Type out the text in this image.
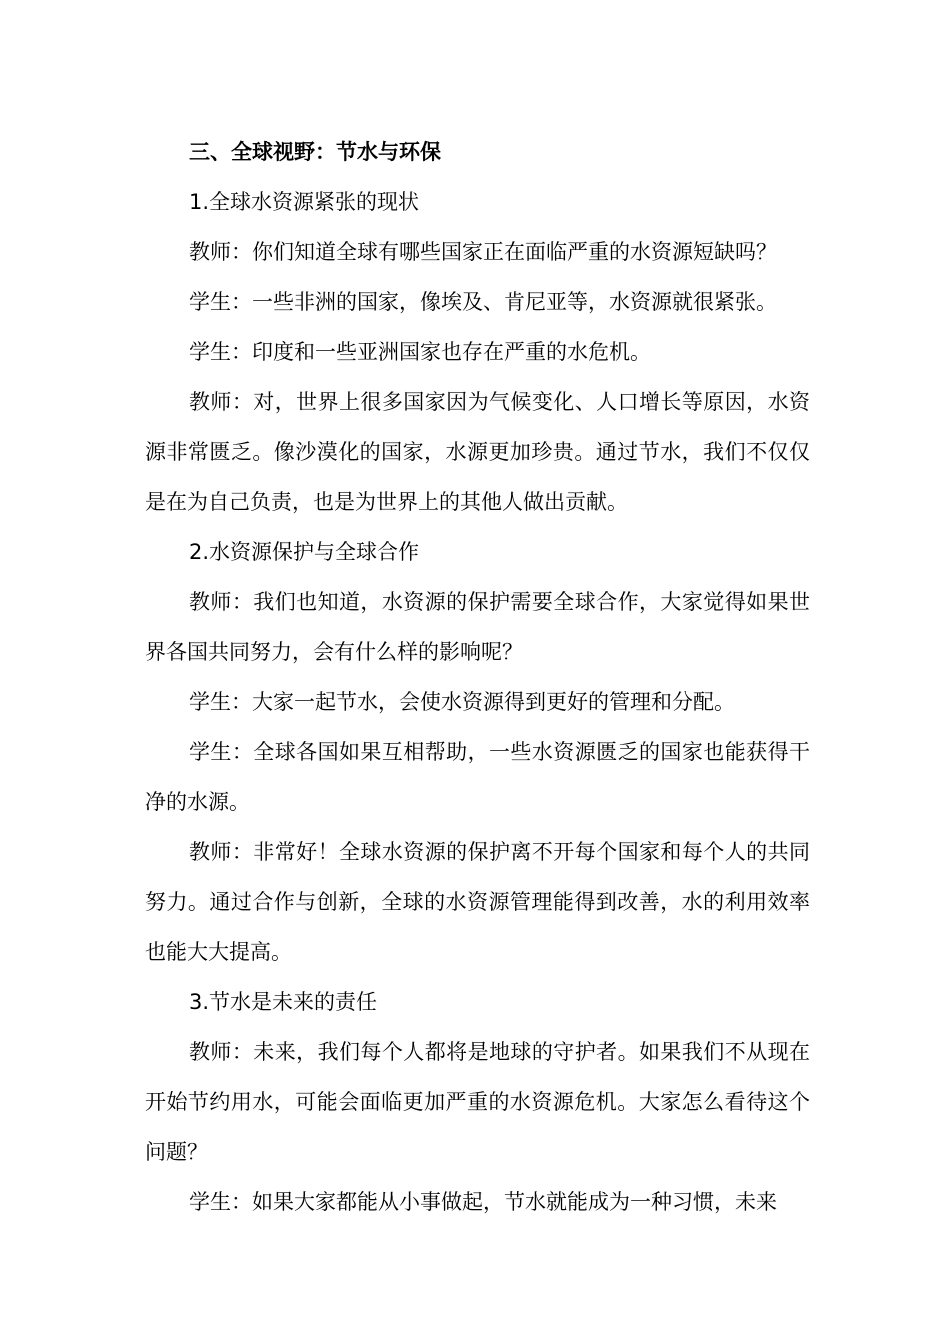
三、全球视野：节水与环保

1.全球水资源紧张的现状

教师：你们知道全球有哪些国家正在面临严重的水资源短缺吗？

学生：一些非洲的国家，像埃及、肯尼亚等，水资源就很紧张。

学生：印度和一些亚洲国家也存在严重的水危机。

教师：对，世界上很多国家因为气候变化、人口增长等原因，水资源非常匮乏。像沙漠化的国家，水源更加珍贵。通过节水，我们不仅仅是在为自己负责，也是为世界上的其他人做出贡献。

2.水资源保护与全球合作

教师：我们也知道，水资源的保护需要全球合作，大家觉得如果世界各国共同努力，会有什么样的影响呢？

学生：大家一起节水，会使水资源得到更好的管理和分配。

学生：全球各国如果互相帮助，一些水资源匮乏的国家也能获得干净的水源。

教师：非常好！全球水资源的保护离不开每个国家和每个人的共同努力。通过合作与创新，全球的水资源管理能得到改善，水的利用效率也能大大提高。

3.节水是未来的责任

教师：未来，我们每个人都将是地球的守护者。如果我们不从现在开始节约用水，可能会面临更加严重的水资源危机。大家怎么看待这个问题？

学生：如果大家都能从小事做起，节水就能成为一种习惯，未来
